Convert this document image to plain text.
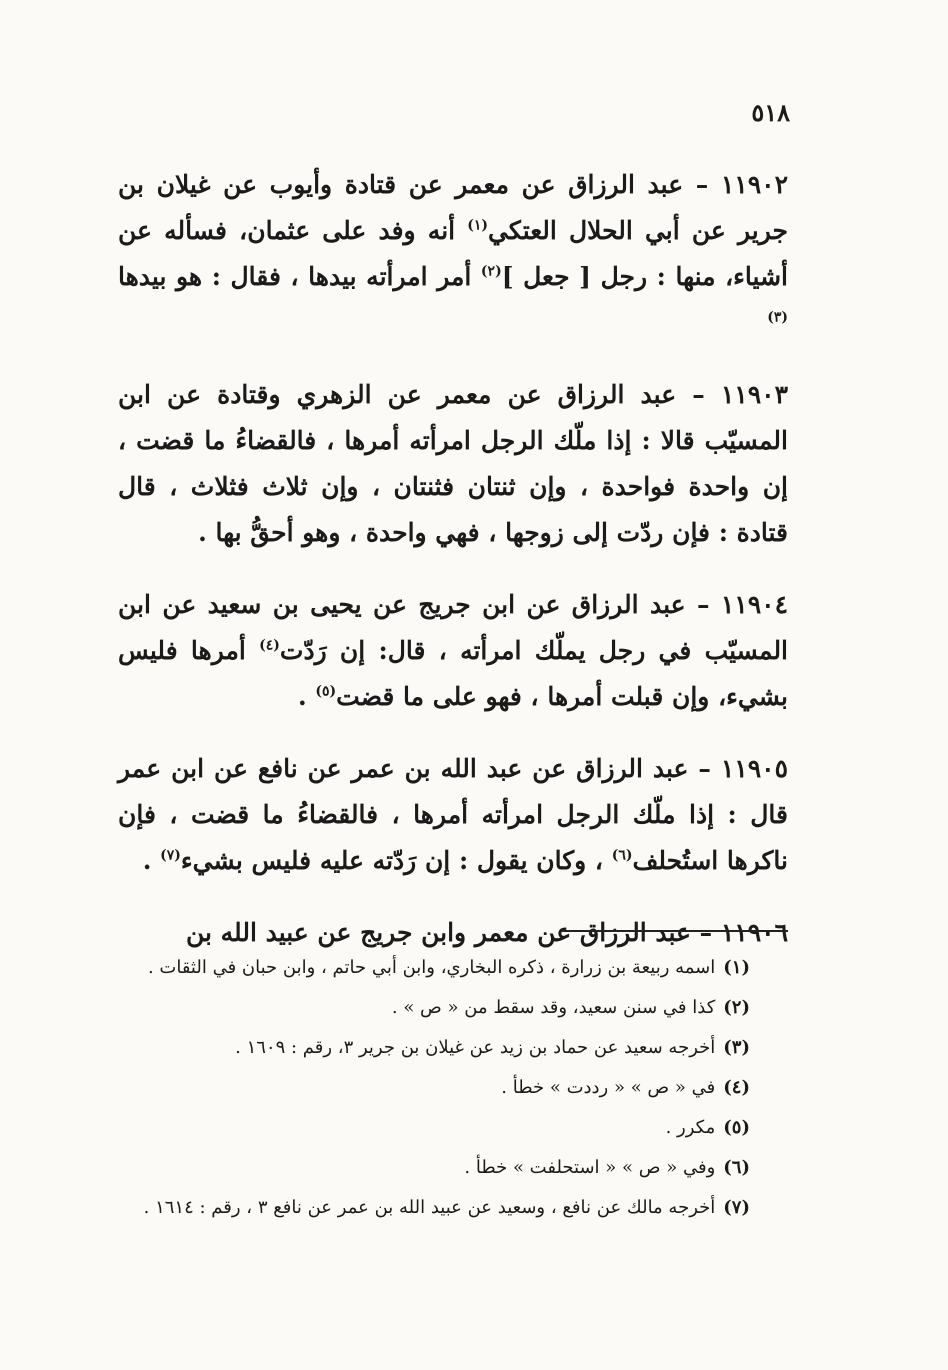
٥١٨

١١٩٠٢ – عبد الرزاق عن معمر عن قتادة وأيوب عن غيلان بن جرير عن أبي الحلال العتكي$^{(١)}$ أنه وفد على عثمان، فسأله عن أشياء، منها : رجل [ جعل ]$^{(٢)}$ أمر امرأته بيدها ، فقال : هو بيدها $^{(٣)}$

١١٩٠٣ – عبد الرزاق عن معمر عن الزهري وقتادة عن ابن المسيّب قالا : إذا ملّك الرجل امرأته أمرها ، فالقضاءُ ما قضت ، إن واحدة فواحدة ، وإن ثنتان فثنتان ، وإن ثلاث فثلاث ، قال قتادة : فإن ردّت إلى زوجها ، فهي واحدة ، وهو أحقُّ بها .

١١٩٠٤ – عبد الرزاق عن ابن جريج عن يحيى بن سعيد عن ابن المسيّب في رجل يملّك امرأته ، قال: إن رَدّت$^{(٤)}$ أمرها فليس بشيء، وإن قبلت أمرها ، فهو على ما قضت$^{(٥)}$ .

١١٩٠٥ – عبد الرزاق عن عبد الله بن عمر عن نافع عن ابن عمر قال : إذا ملّك الرجل امرأته أمرها ، فالقضاءُ ما قضت ، فإن ناكرها استُحلف$^{(٦)}$ ، وكان يقول : إن رَدّته عليه فليس بشيء$^{(٧)}$ .

١١٩٠٦ – عبد الرزاق عن معمر وابن جريج عن عبيد الله بن

(١)اسمه ربيعة بن زرارة ، ذكره البخاري، وابن أبي حاتم ، وابن حبان في الثقات .
(٢)كذا في سنن سعيد، وقد سقط من « ص » .
(٣)أخرجه سعيد عن حماد بن زيد عن غيلان بن جرير ٣، رقم : ١٦٠٩ .
(٤)في « ص » « رددت » خطأ .
(٥)مكرر .
(٦)وفي « ص » « استحلفت » خطأ .
(٧)أخرجه مالك عن نافع ، وسعيد عن عبيد الله بن عمر عن نافع ٣ ، رقم : ١٦١٤ .
